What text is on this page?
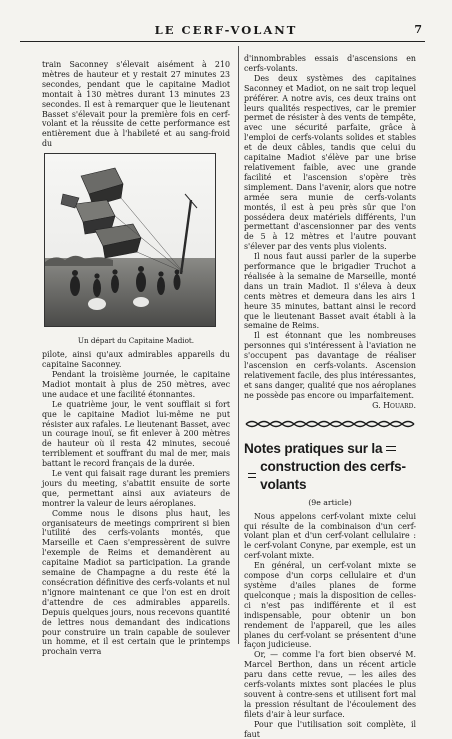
LE CERF-VOLANT	7

train Saconney s'élevait aisément à 210 mètres de hauteur et y restait 27 minutes 23 secondes, pendant que le capitaine Madiot montait à 130 mètres durant 13 minutes 23 secondes. Il est à remarquer que le lieutenant Basset s'élevait pour la première fois en cerf-volant et la réussite de cette performance est entièrement due à l'habileté et au sang-froid du

Un départ du Capitaine Madiot.

pilote, ainsi qu'aux admirables appareils du capitaine Saconney.

Pendant la troisième journée, le capitaine Madiot montait à plus de 250 mètres, avec une audace et une facilité étonnantes.

Le quatrième jour, le vent soufflait si fort que le capitaine Madiot lui-même ne put résister aux rafales. Le lieutenant Basset, avec un courage inouï, se fit enlever à 200 mètres de hauteur où il resta 42 minutes, secoué terriblement et souffrant du mal de mer, mais battant le record français de la durée.

Le vent qui faisait rage durant les premiers jours du meeting, s'abattit ensuite de sorte que, permettant ainsi aux aviateurs de montrer la valeur de leurs aéroplanes.

Comme nous le disons plus haut, les organisateurs de meetings comprirent si bien l'utilité des cerfs-volants montés, que Marseille et Caen s'empressèrent de suivre l'exemple de Reims et demandèrent au capitaine Madiot sa participation. La grande semaine de Champagne a du reste été la consécration définitive des cerfs-volants et nul n'ignore maintenant ce que l'on est en droit d'attendre de ces admirables appareils. Depuis quelques jours, nous recevons quantité de lettres nous demandant des indications pour construire un train capable de soulever un homme, et il est certain que le printemps prochain verra

d'innombrables essais d'ascensions en cerfs-volants.

Des deux systèmes des capitaines Saconney et Madiot, on ne sait trop lequel préférer. A notre avis, ces deux trains ont leurs qualités respectives, car le premier permet de résister à des vents de tempête, avec une sécurité parfaite, grâce à l'emploi de cerfs-volants solides et stables et de deux câbles, tandis que celui du capitaine Madiot s'élève par une brise relativement faible, avec une grande facilité et l'ascension s'opère très simplement. Dans l'avenir, alors que notre armée sera munie de cerfs-volants montés, il est à peu près sûr que l'on possédera deux matériels différents, l'un permettant d'ascensionner par des vents de 5 à 12 mètres et l'autre pouvant s'élever par des vents plus violents.

Il nous faut aussi parler de la superbe performance que le brigadier Truchot a réalisée à la semaine de Marseille, monté dans un train Madiot. Il s'éleva à deux cents mètres et demeura dans les airs 1 heure 35 minutes, battant ainsi le record que le lieutenant Basset avait établi à la semaine de Reims.

Il est étonnant que les nombreuses personnes qui s'intéressent à l'aviation ne s'occupent pas davantage de réaliser l'ascension en cerfs-volants. Ascension relativement facile, des plus intéressantes, et sans danger, qualité que nos aéroplanes ne possède pas encore ou imparfaitement.
G. Houard.

Notes pratiques sur la
construction des cerfs-volants
(9e article)

Nous appelons cerf-volant mixte celui qui résulte de la combinaison d'un cerf-volant plan et d'un cerf-volant cellulaire : le cerf-volant Conyne, par exemple, est un cerf-volant mixte.

En général, un cerf-volant mixte se compose d'un corps cellulaire et d'un système d'ailes planes de forme quelconque ; mais la disposition de celles-ci n'est pas indifférente et il est indispensable, pour obtenir un bon rendement de l'appareil, que les ailes planes du cerf-volant se présentent d'une façon judicieuse.

Or, — comme l'a fort bien observé M. Marcel Berthon, dans un récent article paru dans cette revue, — les ailes des cerfs-volants mixtes sont placées le plus souvent à contre-sens et utilisent fort mal la pression résultant de l'écoulement des filets d'air à leur surface.

Pour que l'utilisation soit complète, il faut
